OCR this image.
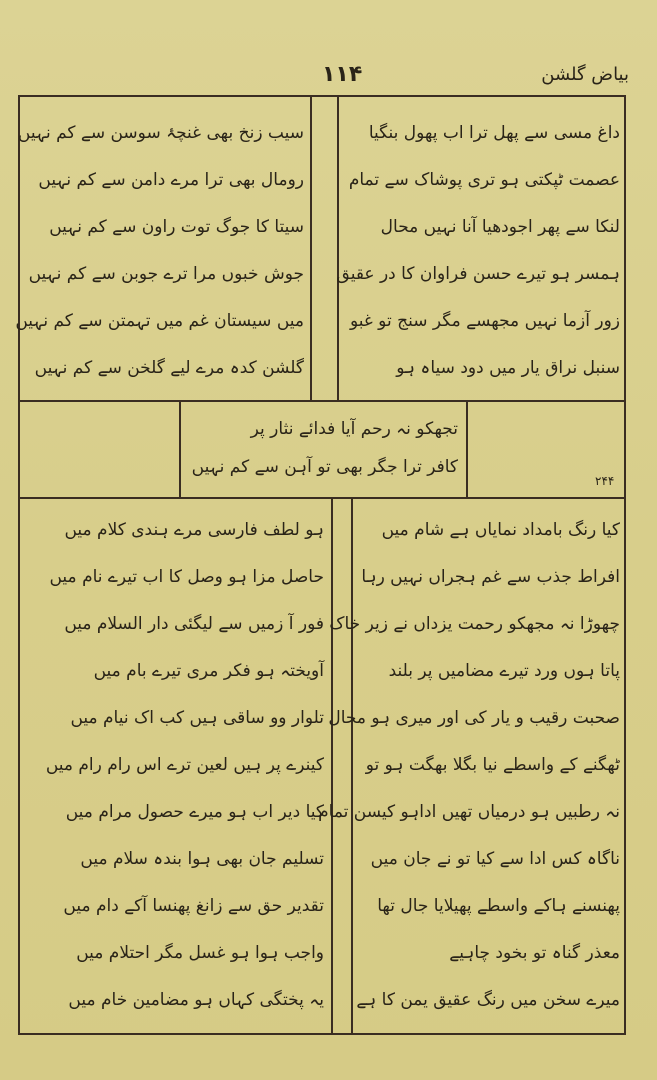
۱۱۴	بیاض گلشن
داغ مسی سے پھل ترا اب پھول بنگیا
عصمت ٹپکتی ہو تری پوشاک سے تمام
لنکا سے پھر اجودھیا آنا نہیں محال
ہمسر ہو تیرے حسن فراوان کا در عقیق
زور آزما نہیں مجھسے مگر سنج تو غبو
سنبل نراق یار میں دود سیاہ ہو
سیب زنخ بھی غنچۂ سوسن سے کم نہیں
رومال بھی ترا مرے دامن سے کم نہیں
سیتا کا جوگ توت راون سے کم نہیں
جوش خبوں مرا ترے جوبن سے کم نہیں
میں سیستان غم میں تہمتن سے کم نہیں
گلشن کدہ مرے لیے گلخن سے کم نہیں
تجھکو نہ رحم آیا فدائے نثار پر
کافر ترا جگر بھی تو آہن سے کم نہیں
۲۴۴
کیا رنگ بامداد نمایاں ہے شام میں
افراط جذب سے غم ہجراں نہیں رہا
چھوڑا نہ مجھکو رحمت یزداں نے زیر خاک
پاتا ہوں ورد تیرے مضامیں پر بلند
صحبت رقیب و یار کی اور میری ہو محال
ٹھگنے کے واسطے نیا بگلا بھگت ہو تو
نہ رطبیں ہو درمیاں تھیں اداہو کیسن تمام
ناگاہ کس ادا سے کیا تو نے جان میں
پھنسنے ہاکے واسطے پھیلایا جال تھا
معذر گناہ تو بخود چاہیے
میرے سخن میں رنگ عقیق یمن کا ہے
ہو لطف فارسی مرے ہندی کلام میں
حاصل مزا ہو وصل کا اب تیرے نام میں
فور آ زمیں سے لیگئی دار السلام میں
آویختہ ہو فکر مری تیرے بام میں
تلوار وو ساقی ہیں کب اک نیام میں
کینرے پر ہیں لعین ترے اس رام رام میں
کیا دیر اب ہو میرے حصول مرام میں
تسلیم جان بھی ہوا بندہ سلام میں
تقدیر حق سے زانغ پھنسا آکے دام میں
واجب ہوا ہو غسل مگر احتلام میں
یہ پختگی کہاں ہو مضامین خام میں
